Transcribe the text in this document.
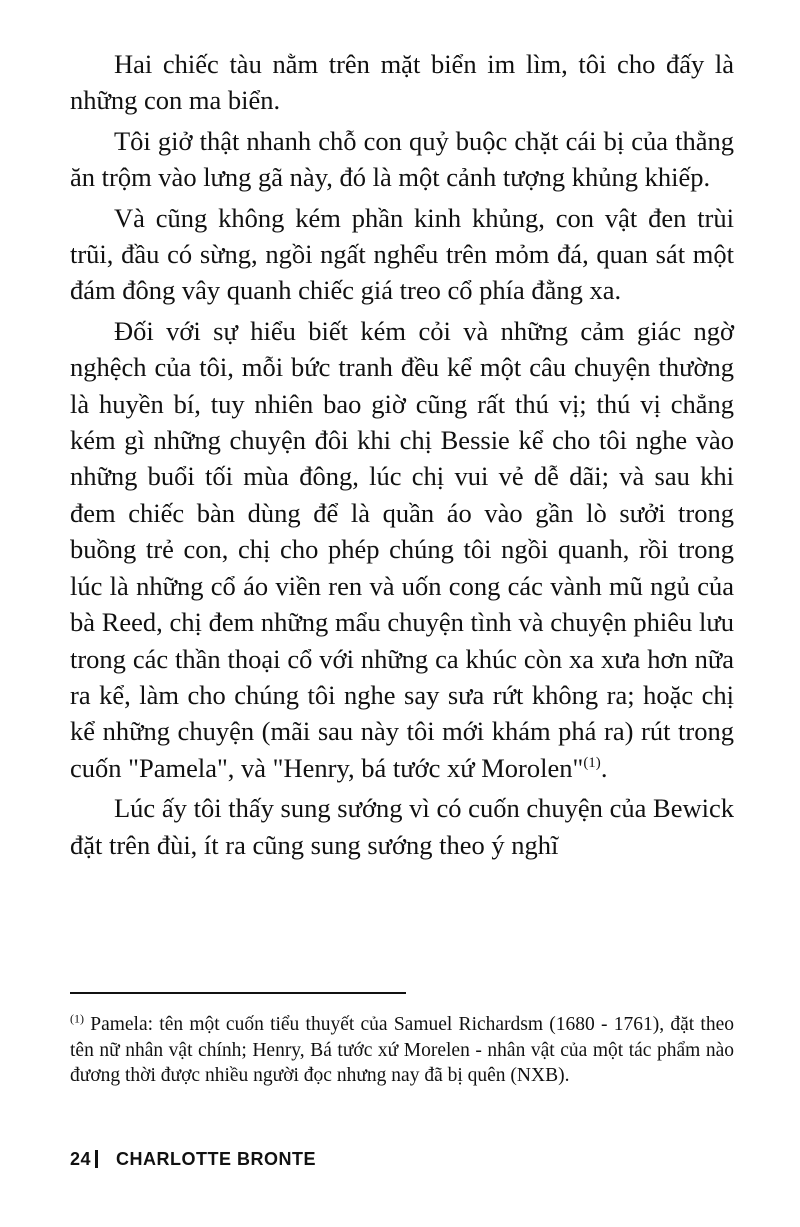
Hai chiếc tàu nằm trên mặt biển im lìm, tôi cho đấy là những con ma biển.

Tôi giở thật nhanh chỗ con quỷ buộc chặt cái bị của thằng ăn trộm vào lưng gã này, đó là một cảnh tượng khủng khiếp.

Và cũng không kém phần kinh khủng, con vật đen trùi trũi, đầu có sừng, ngồi ngất nghểu trên mỏm đá, quan sát một đám đông vây quanh chiếc giá treo cổ phía đằng xa.

Đối với sự hiểu biết kém cỏi và những cảm giác ngờ nghệch của tôi, mỗi bức tranh đều kể một câu chuyện thường là huyền bí, tuy nhiên bao giờ cũng rất thú vị; thú vị chẳng kém gì những chuyện đôi khi chị Bessie kể cho tôi nghe vào những buổi tối mùa đông, lúc chị vui vẻ dễ dãi; và sau khi đem chiếc bàn dùng để là quần áo vào gần lò sưởi trong buồng trẻ con, chị cho phép chúng tôi ngồi quanh, rồi trong lúc là những cổ áo viền ren và uốn cong các vành mũ ngủ của bà Reed, chị đem những mẩu chuyện tình và chuyện phiêu lưu trong các thần thoại cổ với những ca khúc còn xa xưa hơn nữa ra kể, làm cho chúng tôi nghe say sưa rứt không ra; hoặc chị kể những chuyện (mãi sau này tôi mới khám phá ra) rút trong cuốn "Pamela", và "Henry, bá tước xứ Morolen"$^{(1)}$.

Lúc ấy tôi thấy sung sướng vì có cuốn chuyện của Bewick đặt trên đùi, ít ra cũng sung sướng theo ý nghĩ

$^{(1)}$ Pamela: tên một cuốn tiểu thuyết của Samuel Richardsm (1680 - 1761), đặt theo tên nữ nhân vật chính; Henry, Bá tước xứ Morelen - nhân vật của một tác phẩm nào đương thời được nhiều người đọc nhưng nay đã bị quên (NXB).

24 CHARLOTTE BRONTE
